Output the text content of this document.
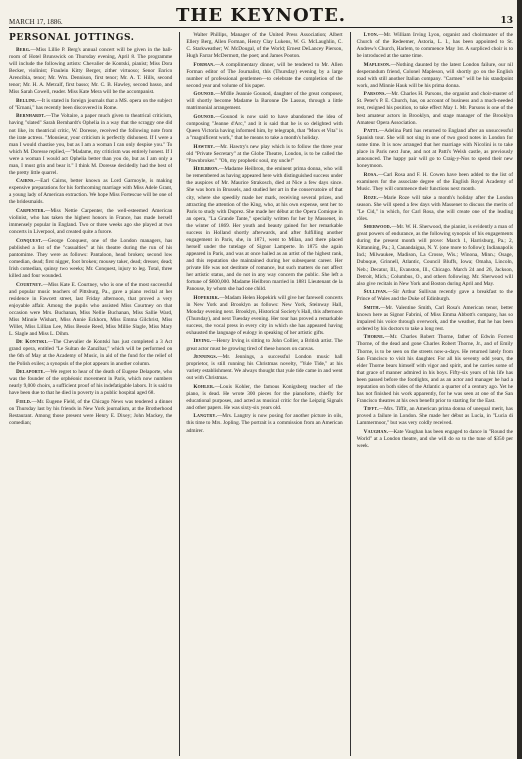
MARCH 17, 1886.	THE KEYNOTE.	13
PERSONAL JOTTINGS.

Berg.—Miss Lillie P. Berg's annual concert will be given in the ball-room of Hotel Brunswick on Thursday evening, April 8. The programme will include the following artists: Chevalier de Kontski, pianist; Miss Dora Becker, violinist; Fraulein Kitty Berger, zither virtuoso; Senor Enrico Arencibia, tenor; Mr. Wm. Dennison, first tenor; Mr. A. T. Hills, second tenor; Mr. H. A. Metcalf, first basso; Mr. C. B. Hawley, second basso, and Miss Sarah Cowell, reader. Miss Kate Mera will be the accompanist.

Bellini.—It is stated in foreign journals that a MS. opera on the subject of "Ernani," has recently been discovered in Rome.

Bernhardt.—The Voltaire, a paper much given to theatrical criticism, having "slated" Sarah Bernhardt's Ophelia in a way that the scraggy one did not like, its theatrical critic, W. Doresse, received the following note from the irate actress. "Monsieur, your criticism is perfectly dishonest. If I were a man I would chastise you, but as I am a woman I can only despise you." To which M. Doresse replied,—"Madame, my criticism was entirely honest. If I were a woman I would act Ophelia better than you do, but as I am only a man, I must grin and bear it." I think M. Doresse decidedly had the best of the pretty little quarrel.

Cairns.—Earl Cairns, better known as Lord Garmoyle, is making expensive preparations for his forthcoming marriage with Miss Adele Grant, a young lady of American extraction. We hope Miss Fortescue will be one of the bridesmaids.

Carpenter.—Miss Nettie Carpenter, the well-esteemed American violinist, who has taken the highest honors in France, has made herself immensely popular in England. Two or three weeks ago she played at two concerts in Liverpool, and created quite a furore.

Conquest.—George Conquest, one of the London managers, has published a list of the "casualties" at his theatre during the run of his pantomime. They were as follows: Pantaloon, head broken; second low comedian, dead; first nigger, foot broken; mousey taker, dead; dresser, dead; Irish comedian, quinsy two weeks; Mr. Conquest, injury to leg. Total, three killed and four wounded.

Courtney.—Miss Kate E. Courtney, who is one of the most successful and popular music teachers of Pittsburg, Pa., gave a piano recital at her residence in Fawcett street, last Friday afternoon, that proved a very enjoyable affair. Among the pupils who assisted Miss Courtney on that occasion were Mrs. Buchanan, Miss Nellie Buchanan, Miss Sallie Ward, Miss Minnie Wishart, Miss Annie Eckhorn, Miss Emma Gilchrist, Miss Willet, Miss Lillian Lee, Miss Bessie Reed, Miss Millie Slagle, Miss Mary L. Slagle and Miss L. Dihm.

De Kontski.—The Chevalier de Kontski has just completed a 3 Act grand opera, entitled "Le Sultan de Zanzibar," which will be performed on the 6th of May at the Academy of Music, in aid of the fund for the relief of the Polish exiles; a synopsis of the plot appears in another column.

Delaporte.—We regret to hear of the death of Eugene Delaporte, who was the founder of the orphéonic movement in Paris, which now numbers nearly 9,000 choirs, a sufficient proof of his indefatigable labors. It is said to have been due to that he died in poverty in a public hospital aged 68.

Field.—Mr. Eugene Field, of the Chicago News was tendered a dinner on Thursday last by his friends in New York journalism, at the Brotherhood Restaurant. Among those present were Henry E. Dixey; John Mackey, the comedian;

Walter Phillips, Manager of the United Press Association; Albert Ellery Berg, Allen Forman, Henry Clay Lukens, W. G. McLaughlin, C. C. Starkweather; W. McDougal, of the World; Ernest DeLancey Pierson, Hugh Farrar McDermott, the poet; and James Pooton.

Forman.—A complimentary dinner, will be tendered to Mr. Allen Forman editor of The Journalist, this (Thursday) evening by a large number of professional gentlemen—to celebrate the completion of the second year and volume of his paper.

Gounod.—M'dlle Jeannie Gounod, daughter of the great composer, will shortly become Madame la Baronne De Lassus, through a little matrimonial arrangement.

Gounod.—Gounod is now said to have abandoned the idea of composing "Jeanne d'Arc," and it is said that he is so delighted with Queen Victoria having informed him, by telegraph, that "Mors et Vita" is a "magnificent work," that he means to take a month's holiday.

Hawtry.—Mr. Hawtry's new play which is to follow the three year old "Private Secretary" at the Globe Theatre, London, is to be called the "Pawnbroker." "Oh, my prophetic soul, my uncle!"

Heilbron.—Madame Heilbron, the eminent prima donna, who will be remembered as having appeared here with distinguished success under the auspices of Mr. Maurice Strakosch, died at Nice a few days since. She was born in Brussels, and studied her art in the conservatoire of that city, where she speedily made her mark, receiving several prizes, and attracting the attention of the King, who, at his own expense, sent her to Paris to study with Duprez. She made her début at the Opera Comique in an opera, "La Grande Tante," specially written for her by Massenet, in the winter of 1869. Her youth and beauty gained for her remarkable success in Holland shortly afterwards, and after fulfilling another engagement in Paris, she, in 1871, went to Milan, and there placed herself under the tutelage of Signor Lamperte. In 1875 she again appeared in Paris, and was at once hailed as an artist of the highest rank, and this reputation she maintained during her subsequent career. Her private life was not destitute of romance, but such matters do not affect her artistic status, and do not in any way concern the public. She left a fortune of $600,000. Madame Heilbron married in 1881 Lieutenant de la Panouse, by whom she had one child.

Hopekirk.—Madam Helen Hopekirk will give her farewell concerts in New York and Brooklyn as follows: New York, Steinway Hall, Monday evening next. Brooklyn, Historical Society's Hall, this afternoon (Thursday), and next Tuesday evening. Her tour has proved a remarkable success, the vocal press in every city in which she has appeared having exhausted the language of eulogy in speaking of her artistic gifts.

Irving.—Henry Irving is sitting to John Collier, a British artist. The great actor must be growing tired of these honors on canvas.

Jennings.—Mr. Jennings, a successful London music hall proprietor, is still running his Christmas novelty, "Yule Tide," at his variety establishment. We always thought that yule tide came in and went out with Christmas.

Kohler.—Louis Kohler, the famous Konigsberg teacher of the piano, is dead. He wrote 300 pieces for the pianoforte, chiefly for educational purposes, and acted as musical critic for the Leipzig Signals and other papers. He was sixty-six years old.

Langtry.—Mrs. Langtry is now posing for another picture in oils, this time to Mrs. Jopling. The portrait is a commission from an American admirer.

Lyon.—Mr. William Irving Lyon, organist and choirmaster of the Church of the Redeemer, Astoria, L. I., has been appointed to St. Andrew's Church, Harlem, to commence May 1st. A surpliced choir is to be introduced at the same time.

Mapleson.—Nothing daunted by the latest London failure, our nil desperandum friend, Colonel Mapleson, will shortly go on the English road with still another Italian company. "Carmen" will be his standpoint work, and Minnie Hauk will be his prima donna.

Parsons.—Mr. Charles H. Parsons, the organist and choir-master of St. Peter's P. E. Church, has, on account of business and a much-needed rest, resigned his position, to take effect May 1. Mr. Parsons is one of the best amateur actors in Brooklyn, and stage manager of the Brooklyn Amateur Opera Association.

Patti.—Adelina Patti has returned to England after an unsuccessful Spanish tour. She will not sing in one of two good notes in London for some time. It is now arranged that her marriage with Nicolini is to take place in Paris next June, and not at Patti's Welsh castle, as previously announced. The happy pair will go to Craig-y-Nos to spend their new honeymoon.

Rosa.—Carl Rosa and F. H. Cowen have been added to the list of examiners for the associate degree of the English Royal Academy of Music. They will commence their functions next month.

Roze.—Marie Roze will take a month's holiday after the London season. She will spend a few days with Massenet to discuss the merits of "Le Cid," in which, for Carl Rosa, she will create one of the leading rôles.

Sherwood.—Mr. W. H. Sherwood, the pianist, is evidently a man of great powers of endurance, as the following synopsis of his engagements during the present month will prove: March 1, Harrisburg, Pa.; 2, Kittanning, Pa.; 3, Canandaigua, N. Y. (one more to follow); Indianapolis Ind.; Milwaukee, Madison, La Crosse, Wis.; Winona, Minn.; Osage, Dubuque, Grinnell, Atlantic, Council Bluffs, Iowa; Omaha, Lincoln, Neb.; Decatur, Ill., Evanston, Ill., Chicago. March 24 and 26, Jackson, Detroit, Mich.; Columbus, O., and others following. Mr. Sherwood will also give recitals in New York and Boston during April and May.

Sullivan.—Sir Arthur Sullivan recently gave a breakfast to the Prince of Wales and the Duke of Edinburgh.

Smith.—Mr. Valentine Smith, Carl Rosa's American tenor, better known here as Signor Fabrini, of Miss Emma Abbott's company, has so impaired his voice through overwork, and the weather, that he has been ordered by his doctors to take a long rest.

Thorne.—Mr. Charles Robert Thorne, father of Edwin Forrest Thorne, of the dead and gone Charles Robert Thorne, Jr., and of Emily Thorne, is to be seen on the streets now-a-days. He returned lately from San Francisco to visit his daughter. For all his seventy odd years, the elder Thorne bears himself with vigor and spirit, and he carries some of that grace of manner admired in his boys. Fifty-six years of his life has been passed before the footlights, and as an actor and manager he had a reputation on both sides of the Atlantic a quarter of a century ago. Yet he has not finished his work apparently, for he was seen at one of the San Francisco theatres at his own benefit prior to starting for the East.

Tifft.—Mrs. Tiffit, an American prima donna of unequal merit, has proved a failure in London. She made her début as Lucia, in "Lucia di Lammermoor," but was very coldly received.

Vaughan.—Kate Vaughan has been engaged to dance in "Round the World" at a London theatre, and she will do so to the tune of $350 per week.
